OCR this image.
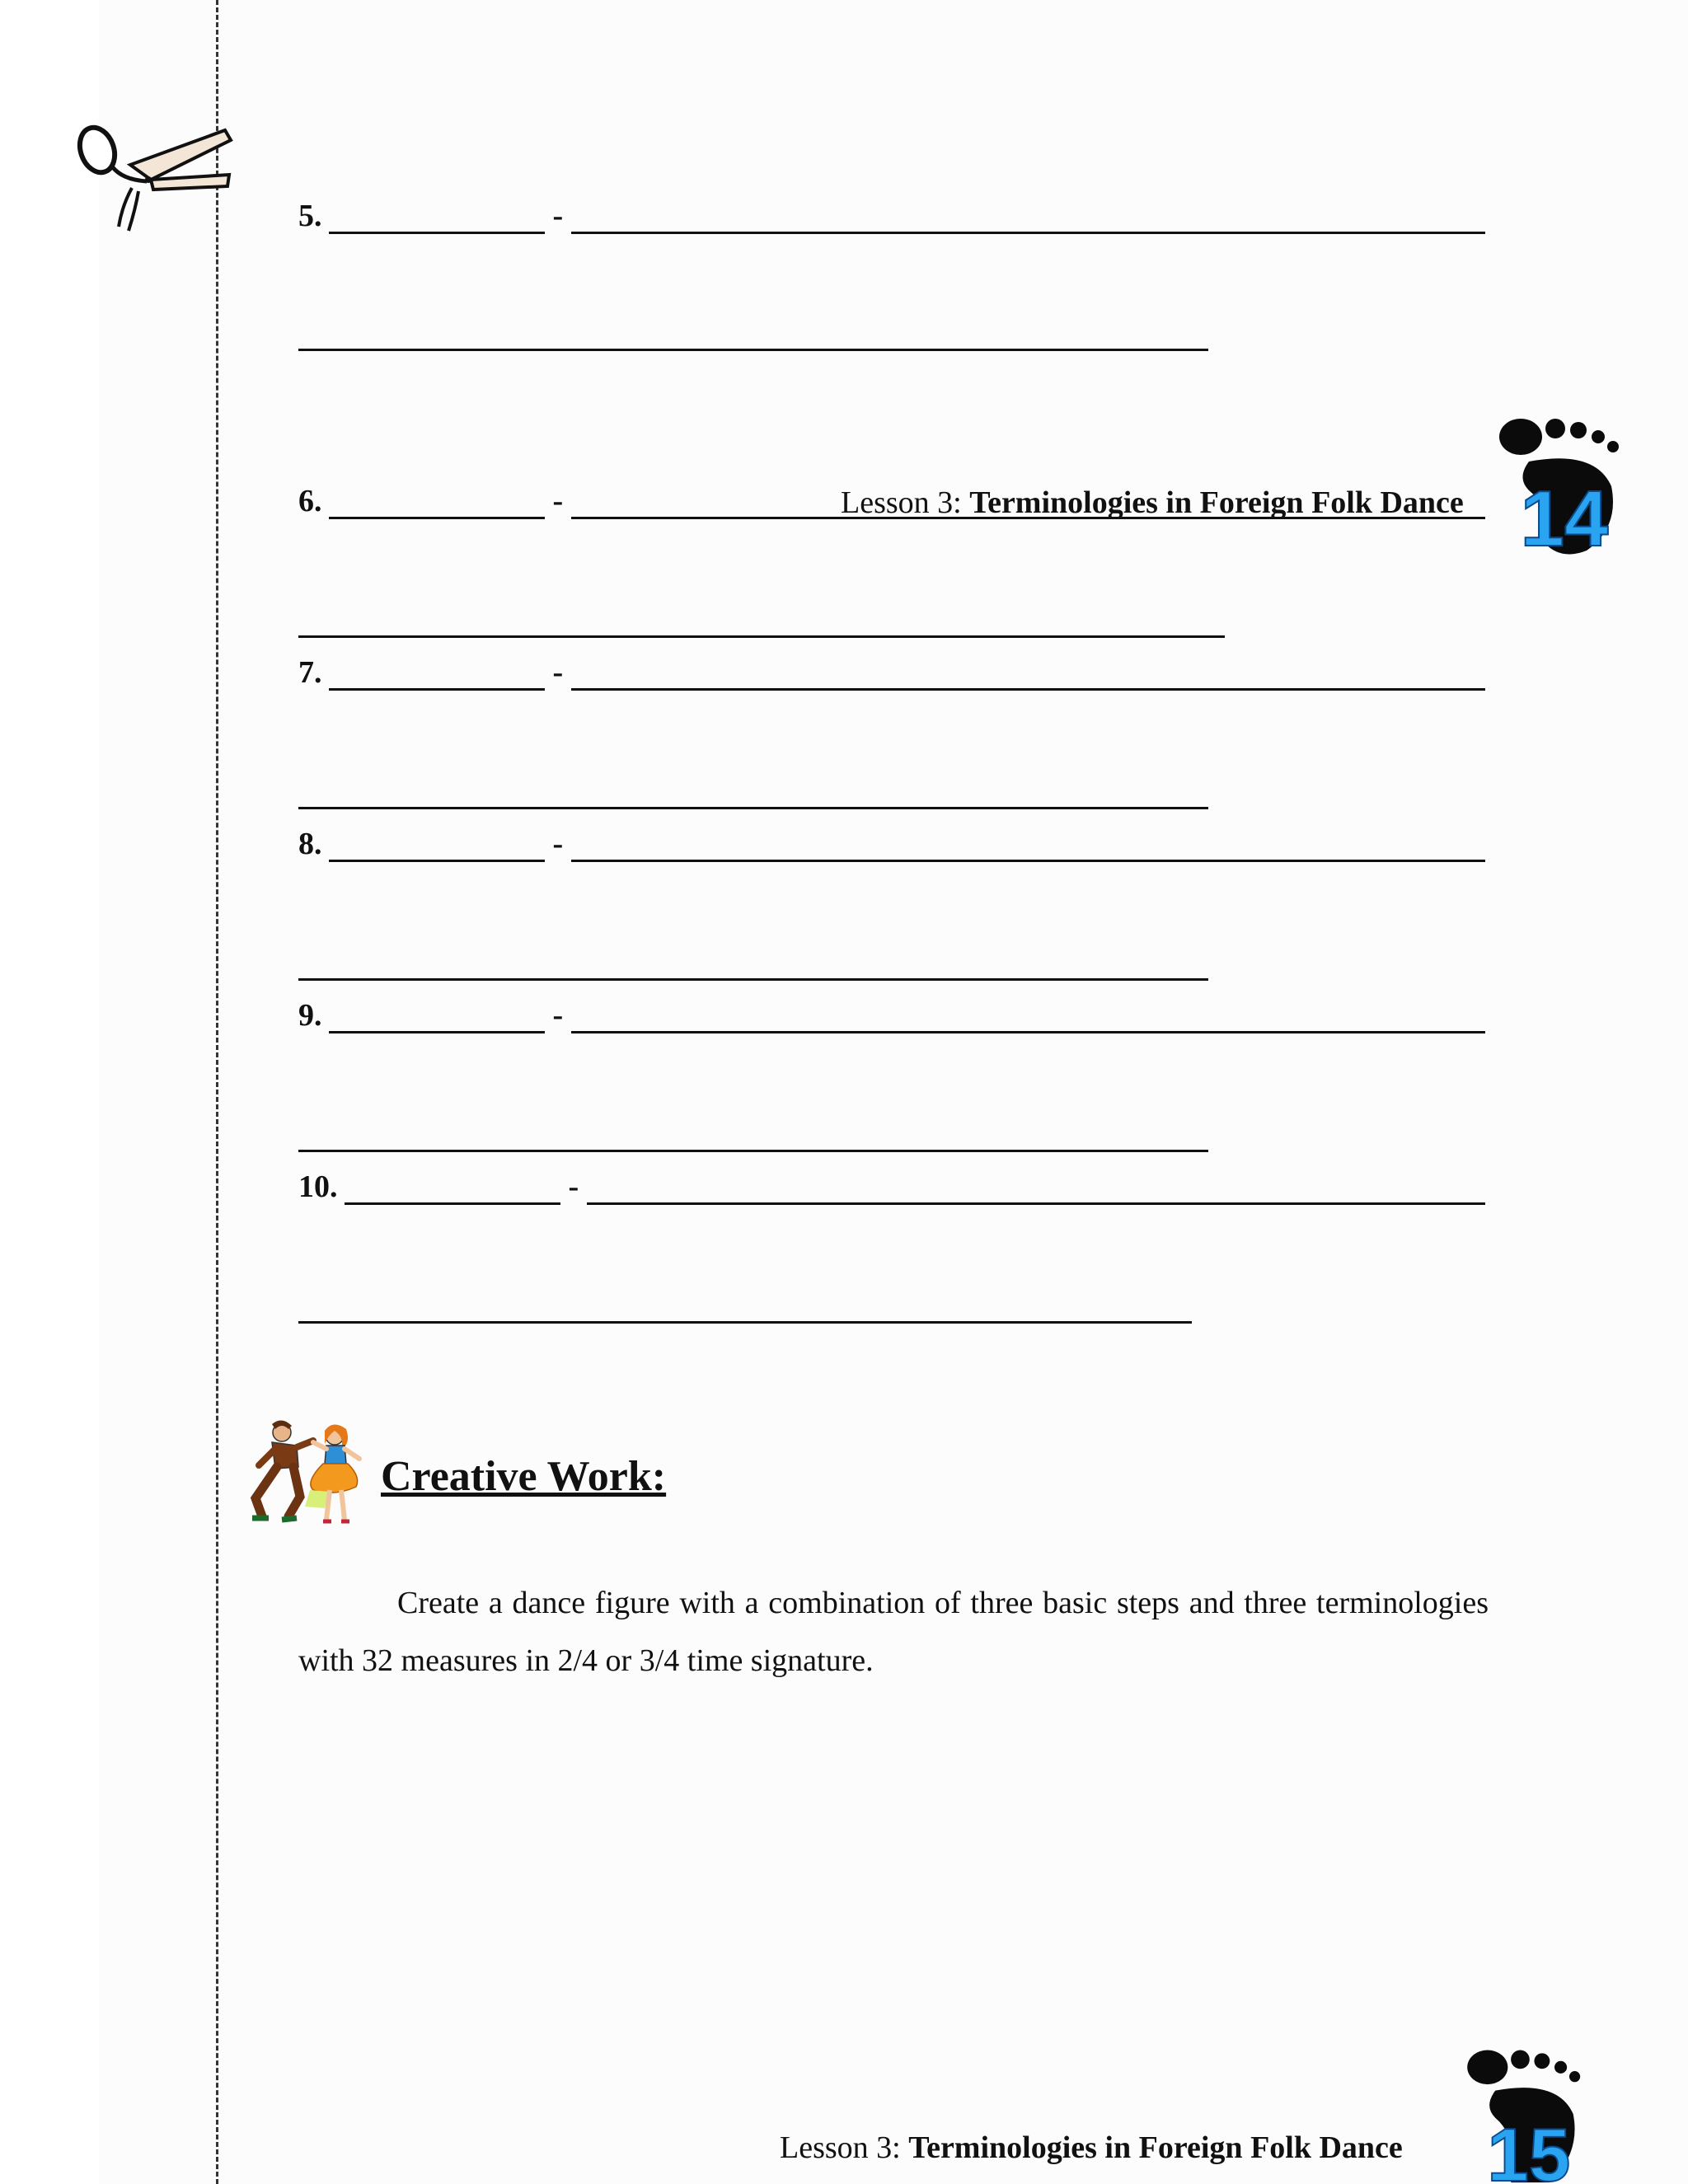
5.	-
6.	-	Lesson 3: Terminologies in Foreign Folk Dance 14
7.	-
8.	-
9.	-
10.	-
Creative Work:

Create a dance figure with a combination of three basic steps and three terminologies with 32 measures in 2/4 or 3/4 time signature.

Lesson 3: Terminologies in Foreign Folk Dance 15
